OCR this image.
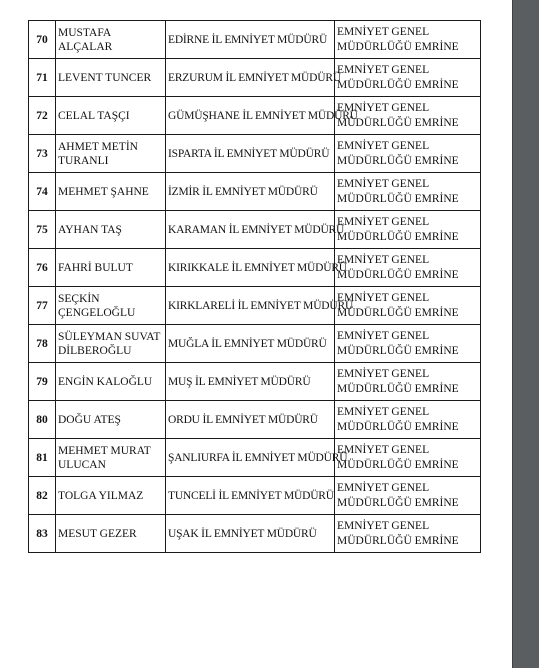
70	MUSTAFA ALÇALAR	EDİRNE İL EMNİYET MÜDÜRÜ	EMNİYET GENEL
MÜDÜRLÜĞÜ EMRİNE

71	LEVENT TUNCER	ERZURUM İL EMNİYET MÜDÜRÜ	EMNİYET GENEL
MÜDÜRLÜĞÜ EMRİNE

72	CELAL TAŞÇI	GÜMÜŞHANE İL EMNİYET MÜDÜRÜ	EMNİYET GENEL
MÜDÜRLÜĞÜ EMRİNE

73	AHMET METİN TURANLI	ISPARTA İL EMNİYET MÜDÜRÜ	EMNİYET GENEL
MÜDÜRLÜĞÜ EMRİNE

74	MEHMET ŞAHNE	İZMİR İL EMNİYET MÜDÜRÜ	EMNİYET GENEL
MÜDÜRLÜĞÜ EMRİNE

75	AYHAN TAŞ	KARAMAN İL EMNİYET MÜDÜRÜ	EMNİYET GENEL
MÜDÜRLÜĞÜ EMRİNE

76	FAHRİ BULUT	KIRIKKALE İL EMNİYET MÜDÜRÜ	EMNİYET GENEL
MÜDÜRLÜĞÜ EMRİNE

77	SEÇKİN ÇENGELOĞLU	KIRKLARELİ İL EMNİYET MÜDÜRÜ	EMNİYET GENEL
MÜDÜRLÜĞÜ EMRİNE

78	SÜLEYMAN SUVAT DİLBEROĞLU	MUĞLA İL EMNİYET MÜDÜRÜ	EMNİYET GENEL
MÜDÜRLÜĞÜ EMRİNE

79	ENGİN KALOĞLU	MUŞ İL EMNİYET MÜDÜRÜ	EMNİYET GENEL
MÜDÜRLÜĞÜ EMRİNE

80	DOĞU ATEŞ	ORDU İL EMNİYET MÜDÜRÜ	EMNİYET GENEL
MÜDÜRLÜĞÜ EMRİNE

81	MEHMET MURAT ULUCAN	ŞANLIURFA İL EMNİYET MÜDÜRÜ	EMNİYET GENEL
MÜDÜRLÜĞÜ EMRİNE

82	TOLGA YILMAZ	TUNCELİ İL EMNİYET MÜDÜRÜ	EMNİYET GENEL
MÜDÜRLÜĞÜ EMRİNE

83	MESUT GEZER	UŞAK İL EMNİYET MÜDÜRÜ	EMNİYET GENEL
MÜDÜRLÜĞÜ EMRİNE
